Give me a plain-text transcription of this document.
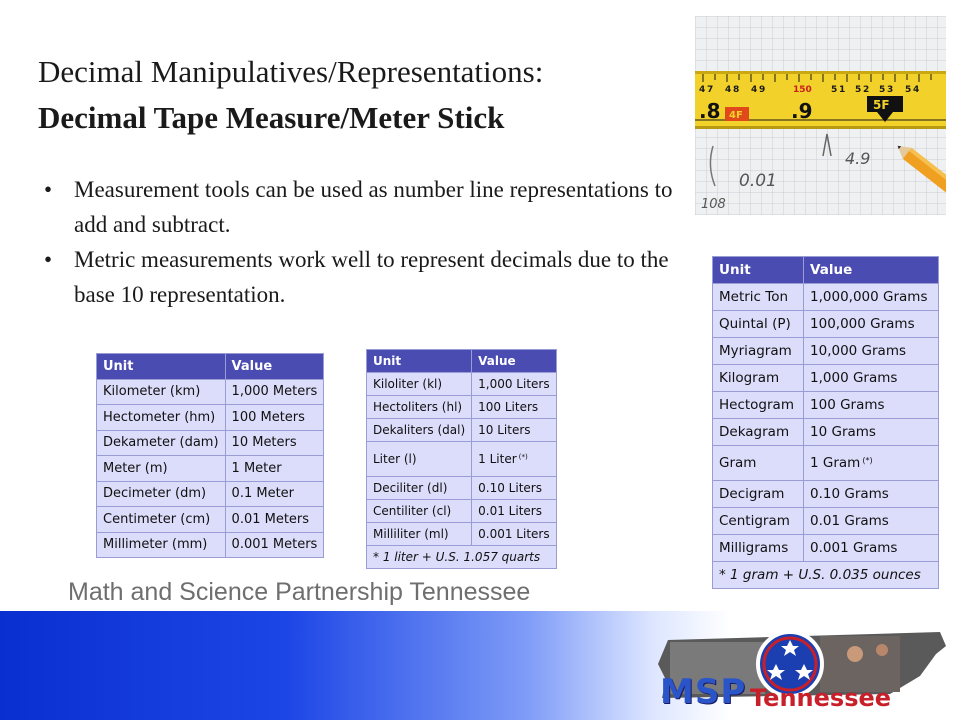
Decimal Manipulatives/Representations:
Decimal Tape Measure/Meter Stick
• Measurement tools can be used as number line representations to add and subtract.
• Metric measurements work well to represent decimals due to the base 10 representation.
4 7 4 8 4 9	150 5 1 5 2 5 3 5 4
.8 4F .9	5F
4.9
0.01
108
Unit	Value
Kilometer (km)	1,000 Meters
Hectometer (hm)	100 Meters
Dekameter (dam)	10 Meters
Meter (m)	1 Meter
Decimeter (dm)	0.1 Meter
Centimeter (cm)	0.01 Meters
Millimeter (mm)	0.001 Meters
Unit	Value
Kiloliter (kl)	1,000 Liters
Hectoliters (hl)	100 Liters
Dekaliters (dal)	10 Liters
Liter (l)	1 Liter (*)
Deciliter (dl)	0.10 Liters
Centiliter (cl)	0.01 Liters
Milliliter (ml)	0.001 Liters
* 1 liter + U.S. 1.057 quarts	
Unit	Value
Metric Ton	1,000,000 Grams
Quintal (P)	100,000 Grams
Myriagram	10,000 Grams
Kilogram	1,000 Grams
Hectogram	100 Grams
Dekagram	10 Grams
Gram	1 Gram (*)
Decigram	0.10 Grams
Centigram	0.01 Grams
Milligrams	0.001 Grams
* 1 gram + U.S. 0.035 ounces	
Math and Science Partnership Tennessee
MSP Tennessee
